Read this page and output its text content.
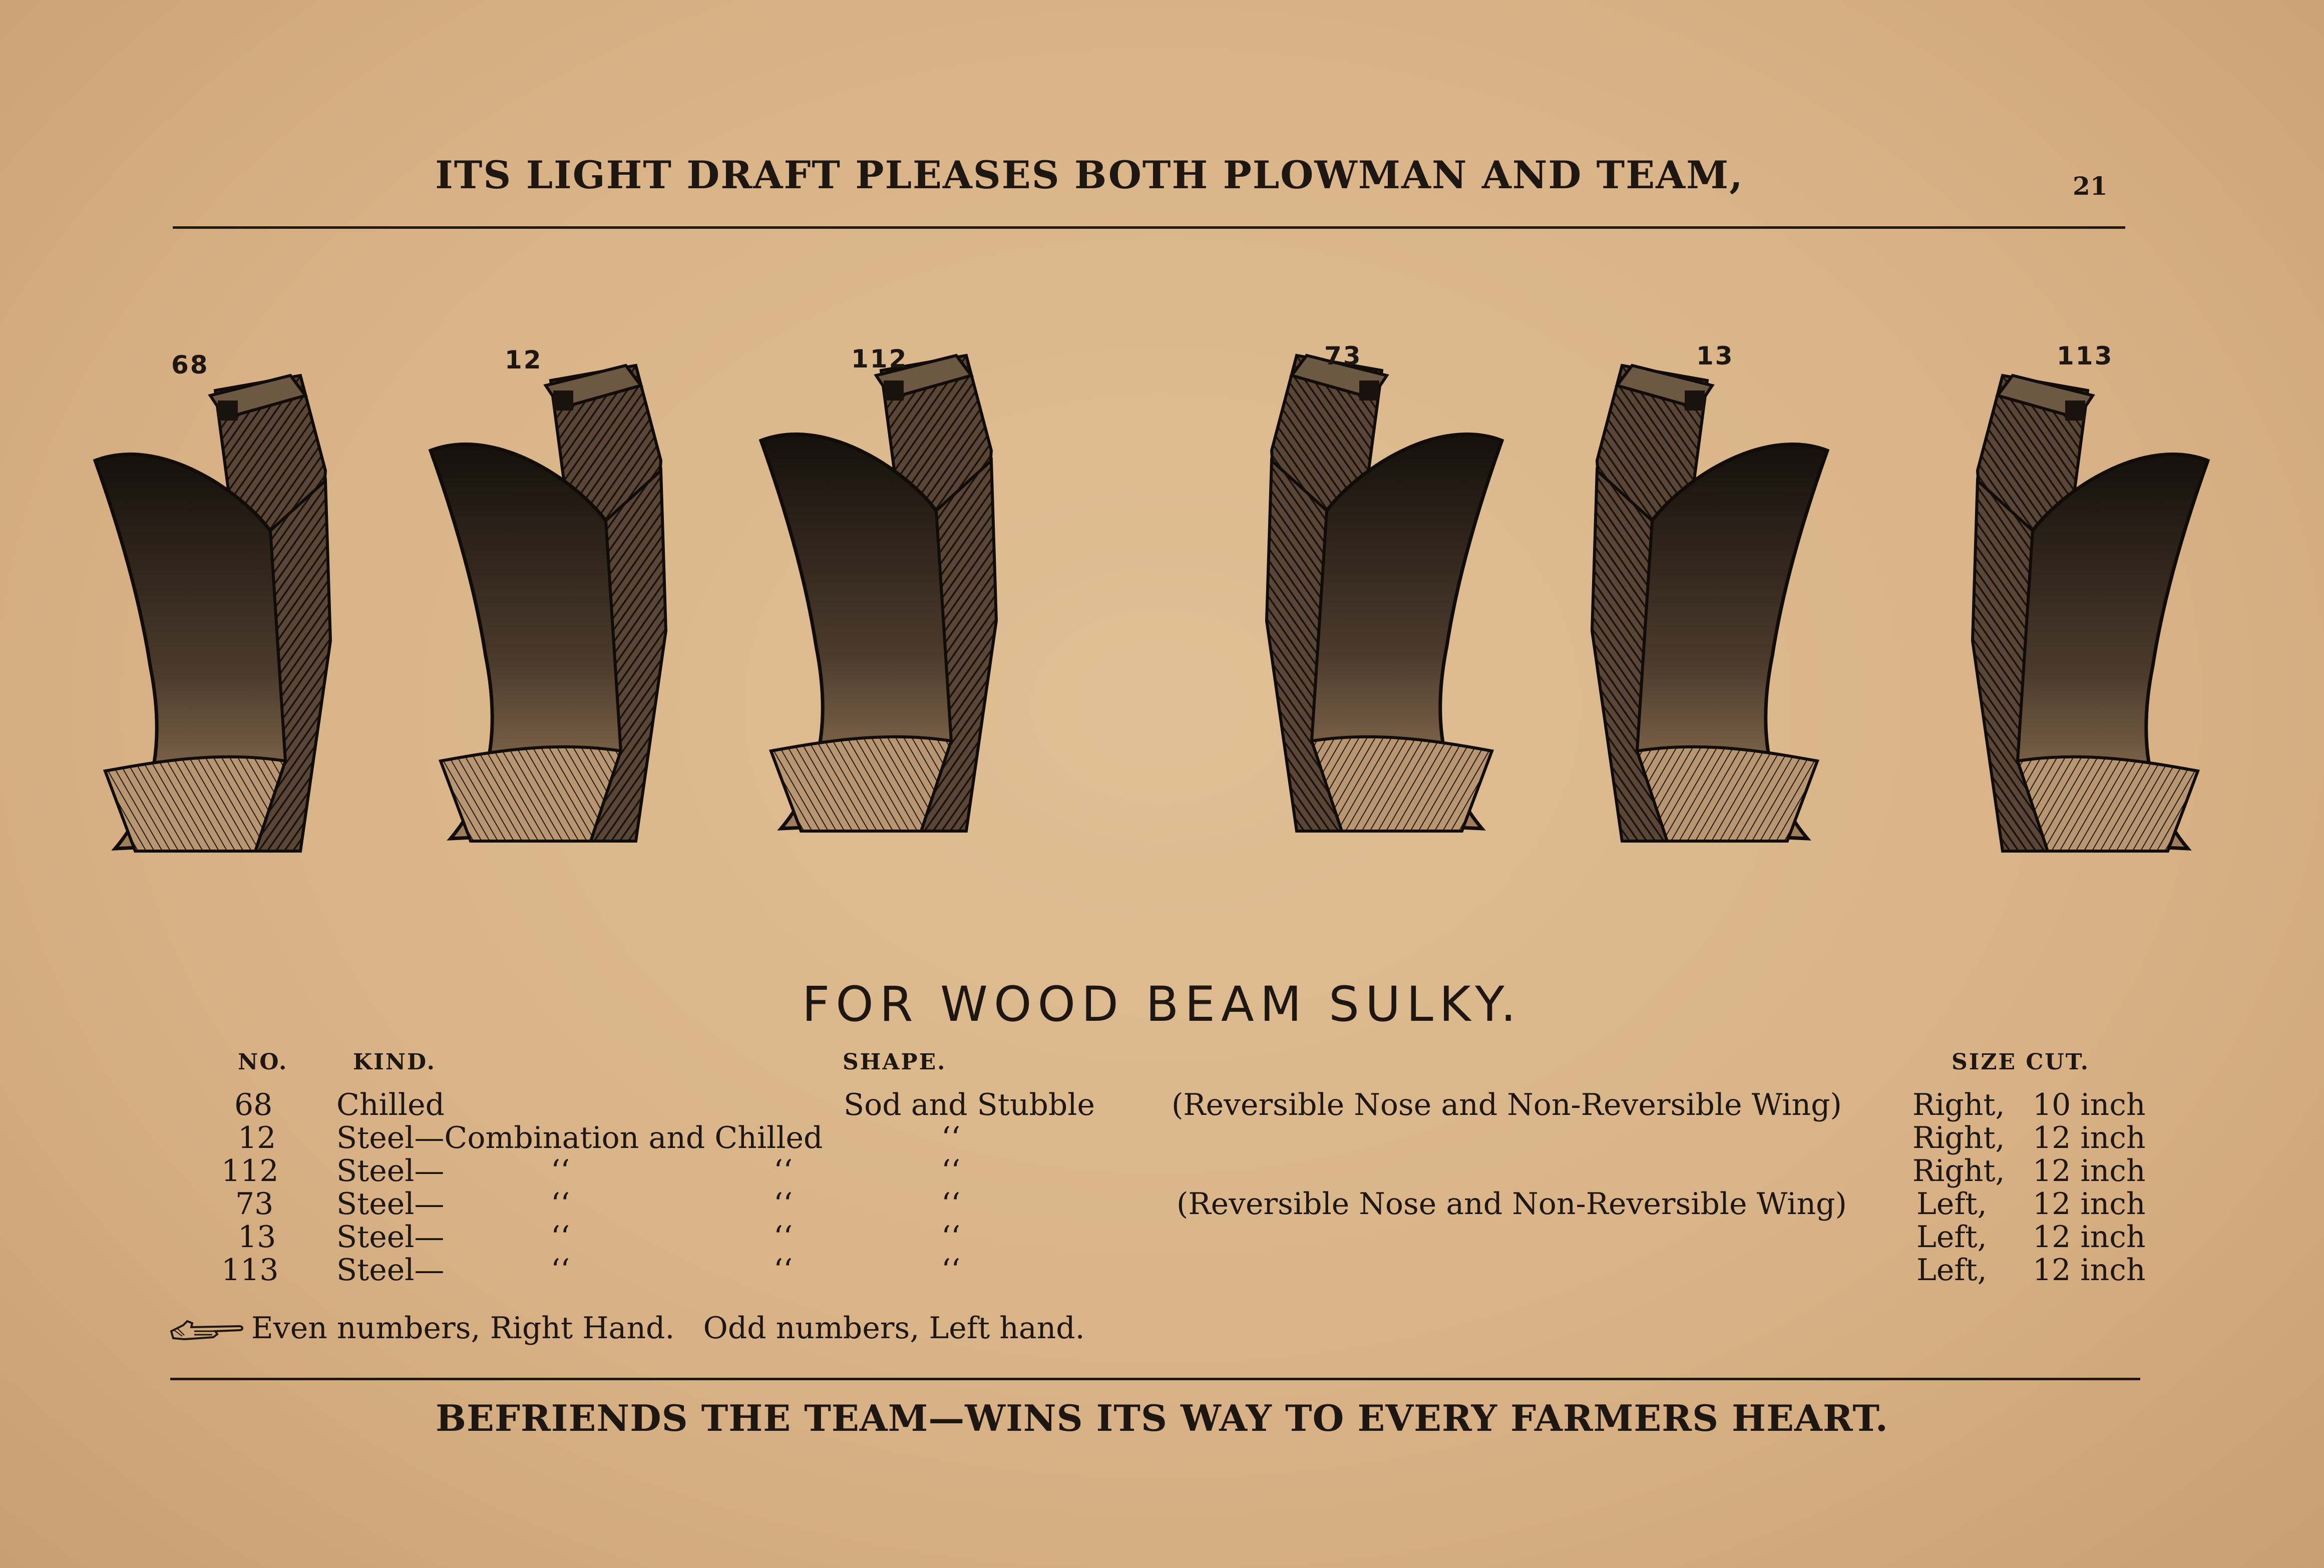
ITS LIGHT DRAFT PLEASES BOTH PLOWMAN AND TEAM,	21
68	12	112	73	13	113
FOR WOOD BEAM SULKY.
NO.	KIND.	SHAPE.	SIZE CUT.
68 Chilled	Sod and Stubble	(Reversible Nose and Non-Reversible Wing) Right, 10 inch
12 Steel—Combination and Chilled	‘‘	Right, 12 inch
112 Steel—	‘‘	‘‘	‘‘	Right, 12 inch
73 Steel—	‘‘	‘‘	‘‘	(Reversible Nose and Non-Reversible Wing) Left, 12 inch
13 Steel—	‘‘	‘‘	‘‘	Left, 12 inch
113 Steel—	‘‘	‘‘	‘‘	Left, 12 inch
Even numbers, Right Hand.   Odd numbers, Left hand.
BEFRIENDS THE TEAM—WINS ITS WAY TO EVERY FARMERS HEART.
